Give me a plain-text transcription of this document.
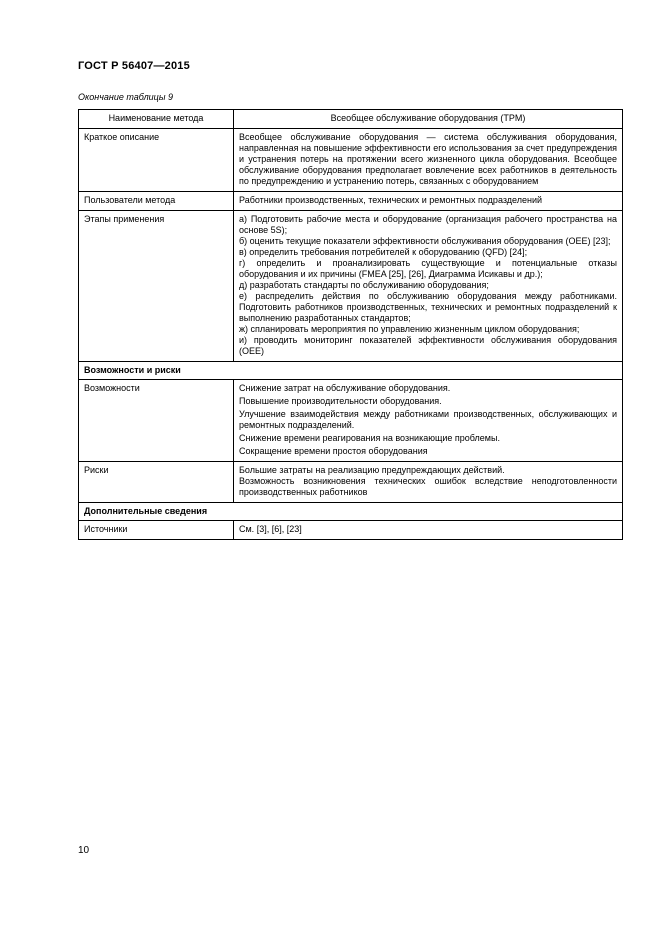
ГОСТ Р 56407—2015
Окончание таблицы 9
Наименование метода	Всеобщее обслуживание оборудования (TPM)
Краткое описание	Всеобщее обслуживание оборудования — система обслуживания оборудования, направленная на повышение эффективности его использования за счет предупреждения и устранения потерь на протяжении всего жизненного цикла оборудования. Всеобщее обслуживание оборудования предполагает вовлечение всех работников в деятельность по предупреждению и устранению потерь, связанных с оборудованием
Пользователи метода	Работники производственных, технических и ремонтных подразделений
Этапы применения	а) Подготовить рабочие места и оборудование (организация рабочего пространства на основе 5S);
б) оценить текущие показатели эффективности обслуживания оборудования (OEE) [23];
в) определить требования потребителей к оборудованию (QFD) [24];
г) определить и проанализировать существующие и потенциальные отказы оборудования и их причины (FMEA [25], [26], Диаграмма Исикавы и др.);
д) разработать стандарты по обслуживанию оборудования;
е) распределить действия по обслуживанию оборудования между работниками. Подготовить работников производственных, технических и ремонтных подразделений к выполнению разработанных стандартов;
ж) спланировать мероприятия по управлению жизненным циклом оборудования;
и) проводить мониторинг показателей эффективности обслуживания оборудования (OEE)

Возможности и риски	
Возможности	Снижение затрат на обслуживание оборудования.
Повышение производительности оборудования.
Улучшение взаимодействия между работниками производственных, обслуживающих и ремонтных подразделений.
Снижение времени реагирования на возникающие проблемы.
Сокращение времени простоя оборудования

Риски	Большие затраты на реализацию предупреждающих действий.
Возможность возникновения технических ошибок вследствие неподготовленности производственных работников

Дополнительные сведения	
Источники	См. [3], [6], [23]
10
